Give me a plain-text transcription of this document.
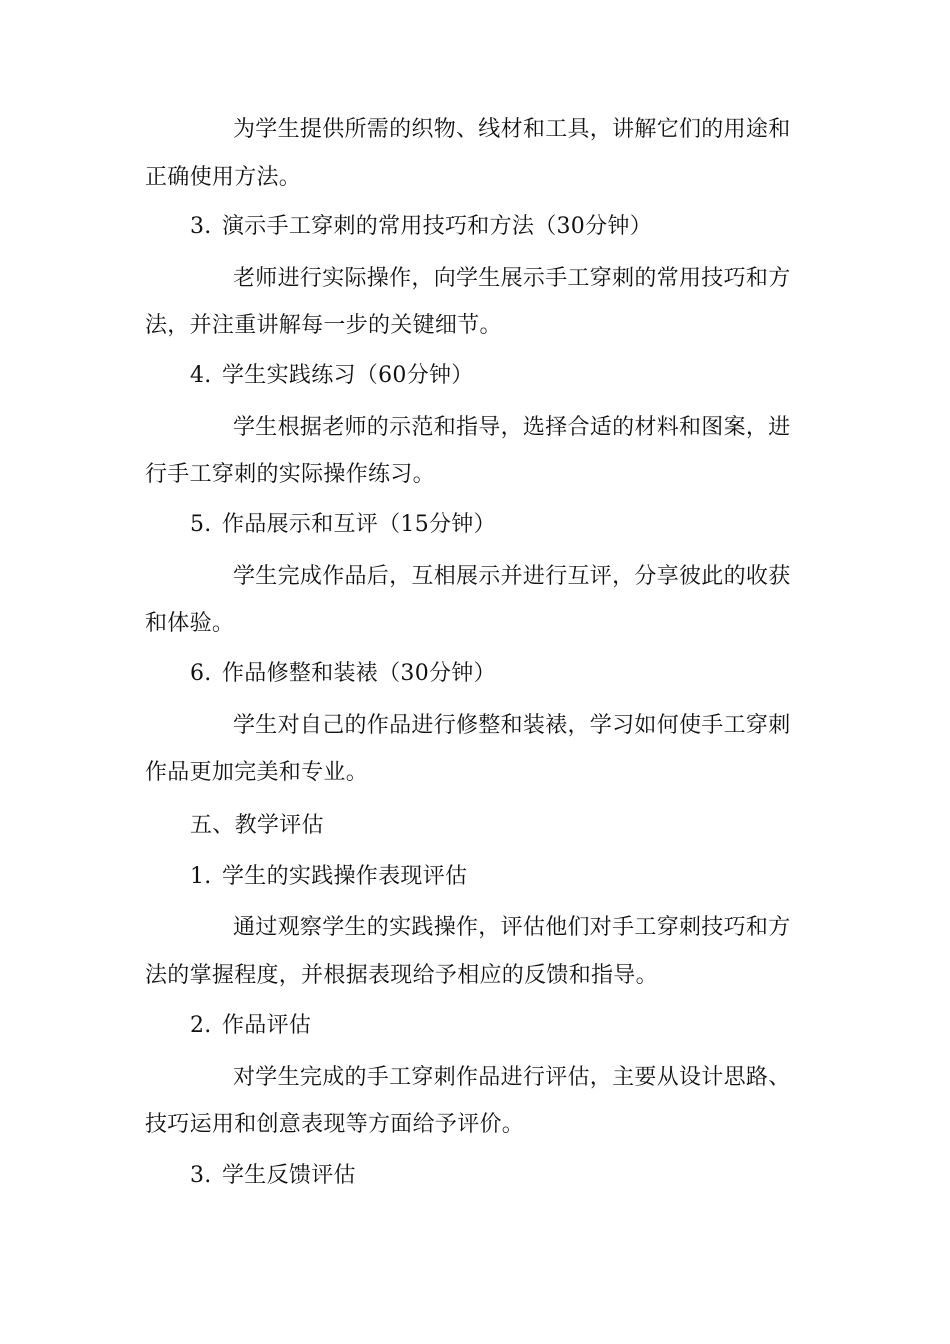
为学生提供所需的织物、线材和工具，讲解它们的用途和
正确使用方法。
3. 演示手工穿刺的常用技巧和方法（30分钟）
老师进行实际操作，向学生展示手工穿刺的常用技巧和方
法，并注重讲解每一步的关键细节。
4. 学生实践练习（60分钟）
学生根据老师的示范和指导，选择合适的材料和图案，进
行手工穿刺的实际操作练习。
5. 作品展示和互评（15分钟）
学生完成作品后，互相展示并进行互评，分享彼此的收获
和体验。
6. 作品修整和装裱（30分钟）
学生对自己的作品进行修整和装裱，学习如何使手工穿刺
作品更加完美和专业。
五、教学评估
1. 学生的实践操作表现评估
通过观察学生的实践操作，评估他们对手工穿刺技巧和方
法的掌握程度，并根据表现给予相应的反馈和指导。
2. 作品评估
对学生完成的手工穿刺作品进行评估，主要从设计思路、
技巧运用和创意表现等方面给予评价。
3. 学生反馈评估
